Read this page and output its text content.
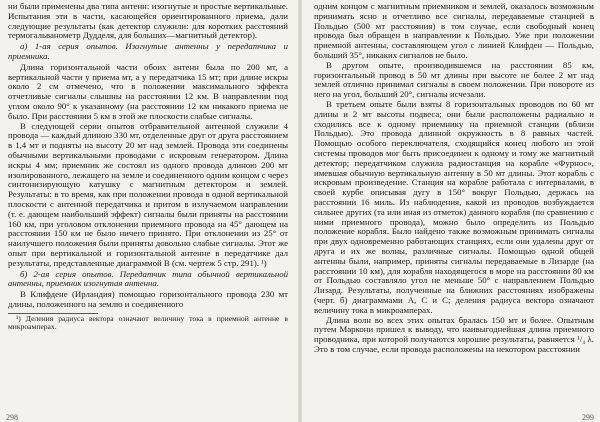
ни были применены два типа антенн: изогнутые и простые вертикальные. Испытания эти в части, касающейся ориентированного приема, дали следующие результаты (как детектор служили: для коротких расстояний термогальванометр Дудделя, для больших—магнитный детектор).

а) 1-ая серия опытов. Изогнутые антенны у передатчика и приемника.

Длина горизонтальной части обоих антенн была по 200 мт, а вертикальной части у приема мт, а у передатчика 15 мт; при длине искры около 2 см отмечено, что в положении максимального эффекта отчетливые сигналы слышны на расстоянии 12 км. В направлении под углом около 90° к указанному (на расстоянии 12 км никакого приема не было. При расстоянии 5 км в этой же плоскости слабые сигналы.

В следующей серии опытов отбравительной антенной служили 4 провода — каждый длиною 330 мт, отделенные друг от друга расстоянием в 1,4 мт и подняты на высоту 20 мт над землей. Провода эти соединены обычными вертикальными проводами с искровым генератором. Длина искры 4 мм; приемник же состоял из одного провода длиною 200 мт изолированного, лежащего на земле и соединенного одним концом с через синтонизирующую катушку с магнитным детектором и землей. Результаты: в то время, как при положении провода в одной вертикальной плоскости с антенной передатчика и притом в излучаемом направлении (т. е. дающем наибольший эффект) сигналы были приняты на расстоянии 160 км, при уголовом отклонении приемного провода на 45° дающем на расстоянии 150 км не было ничего принято. При отклонении из 25° от наилучшего положения были приняты довольно слабые сигналы. Этот же опыт при вертикальной и горизонтальной антенне в передатчике дал результаты, представленные диаграммой В (см. чертеж 5 стр. 291). ¹)

б) 2-ая серия опытов. Передатчик типа обычной вертикальной антенны, приемник изогнутая антенна.

В Клифдене (Ирландия) помощью горизонтального провода 230 мт длины, положенного на землю и соединенного

¹) Деления радиуса вектора означают величину тока в приемной антенне в микроамперах.

298

одним концом с магнитным приемником и землей, оказалось возможным принимать ясно и отчетливо все сигналы, передаваемые станцией в Польдью (500 мт расстояния) в том случае, если свободный конец провода был обращен в направлении к Польдью. Уже при положении приемной антенны, составляющем угол с линией Клифден — Польдью, больший 35°, никаких сигналов не было.

В другом опыте, производившемся на расстоянии 85 км, горизонтальный провод в 50 мт длины при высоте не более 2 мт над землей отлично принимал сигналы в своем положении. При повороте из него на угол, больший 20°, сигналы исчезали.

В третьем опыте были взяты 8 горизонтальных проводов по 60 мт длины и 2 мт высоты подвеса; они были расположены радиально и сходились все к одному приемнику на приемной станции (вблизи Польдью). Это провода длинной окружность в 8 равных частей. Помощью особого переключателя, сходящийся конец любого из этой системы проводов мог быть присоединен к одному и тому же магнитный детектор; передатчиком служила радиостанция на корабле «Фурнос», имевшая обычную вертикальную антенну в 50 мт длины. Этот корабль с искровым произведение. Станция на корабле работала с интервалами, в своей курбе описывая дугу в 150° вокруг Польдью, держась на расстоянии 16 миль. Из наблюдения, какой из проводов возбуждается сильнее других (та или иная из отметок) данного корабля (по сравнению с ними приемного провода), можно было определить из Польдью положение корабля. Было найдено также возможным принимать сигналы при двух одновременно работающих станциях, если они удалены друг от друга и их же волны, различные сигналы. Помощью одной общей антенны были, например, приняты сигналы передаваемые в Лизарде (на расстоянии 10 км), для корабля находящегося в море на расстоянии 80 км от Польдью составляло угол не меньше 50° с направлением Польдью Лизард. Результаты, полученные на ближних расстояниях изображены (черт. б) диаграммами А, С и С; деления радиуса вектора означают величину тока в микроамперах.

Длина волн во всех этих опытах бралась 150 мт и более. Опытным путем Маркони пришел к выводу, что наивыгоднейшая длина приемного проводника, при которой получаются хорошие результаты, равняется ¹/₄ λ. Это в том случае, если провода расположены на некотором расстоянии

299
